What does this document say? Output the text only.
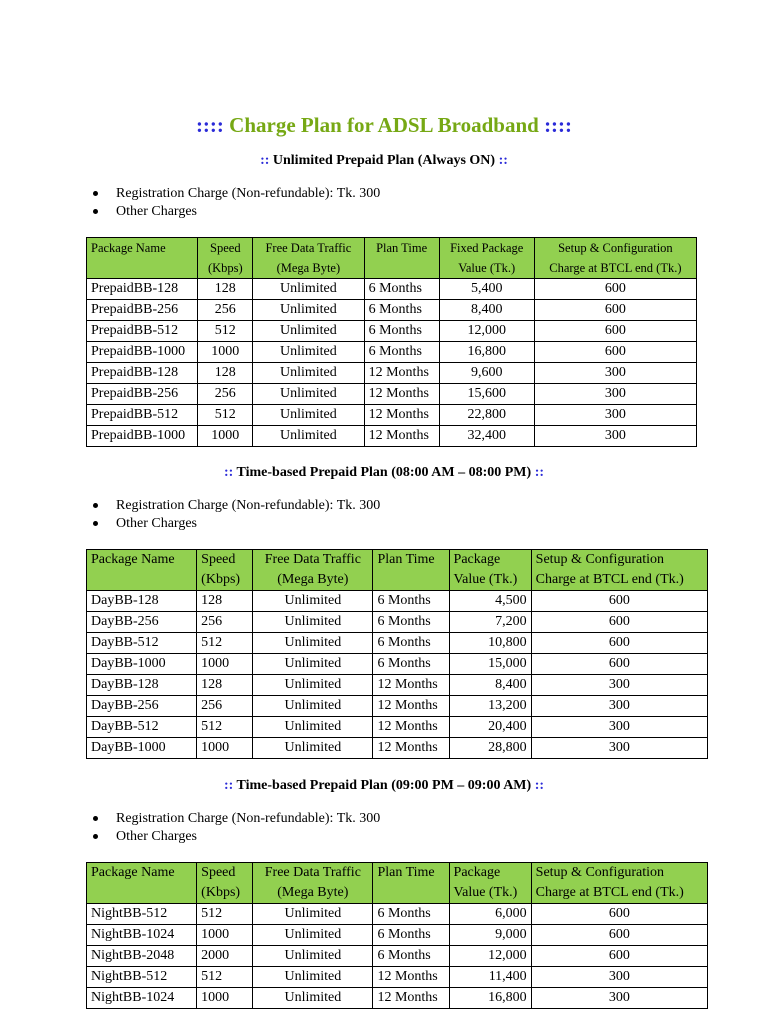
:::: Charge Plan for ADSL Broadband ::::
:: Unlimited Prepaid Plan (Always ON) ::
Registration Charge (Non-refundable): Tk. 300
Other Charges
Package Name	Speed	Free Data Traffic	Plan Time	Fixed Package	Setup & Configuration
	(Kbps)	(Mega Byte)		Value (Tk.)	Charge at BTCL end (Tk.)
PrepaidBB-128	128	Unlimited	6 Months	5,400	600
PrepaidBB-256	256	Unlimited	6 Months	8,400	600
PrepaidBB-512	512	Unlimited	6 Months	12,000	600
PrepaidBB-1000	1000	Unlimited	6 Months	16,800	600
PrepaidBB-128	128	Unlimited	12 Months	9,600	300
PrepaidBB-256	256	Unlimited	12 Months	15,600	300
PrepaidBB-512	512	Unlimited	12 Months	22,800	300
PrepaidBB-1000	1000	Unlimited	12 Months	32,400	300
:: Time-based Prepaid Plan (08:00 AM – 08:00 PM) ::
Registration Charge (Non-refundable): Tk. 300
Other Charges
Package Name	Speed	Free Data Traffic	Plan Time	Package	Setup & Configuration
	(Kbps)	(Mega Byte)		Value (Tk.)	Charge at BTCL end (Tk.)
DayBB-128	128	Unlimited	6 Months	4,500	600
DayBB-256	256	Unlimited	6 Months	7,200	600
DayBB-512	512	Unlimited	6 Months	10,800	600
DayBB-1000	1000	Unlimited	6 Months	15,000	600
DayBB-128	128	Unlimited	12 Months	8,400	300
DayBB-256	256	Unlimited	12 Months	13,200	300
DayBB-512	512	Unlimited	12 Months	20,400	300
DayBB-1000	1000	Unlimited	12 Months	28,800	300
:: Time-based Prepaid Plan (09:00 PM – 09:00 AM) ::
Registration Charge (Non-refundable): Tk. 300
Other Charges
Package Name	Speed	Free Data Traffic	Plan Time	Package	Setup & Configuration
	(Kbps)	(Mega Byte)		Value (Tk.)	Charge at BTCL end (Tk.)
NightBB-512	512	Unlimited	6 Months	6,000	600
NightBB-1024	1000	Unlimited	6 Months	9,000	600
NightBB-2048	2000	Unlimited	6 Months	12,000	600
NightBB-512	512	Unlimited	12 Months	11,400	300
NightBB-1024	1000	Unlimited	12 Months	16,800	300
